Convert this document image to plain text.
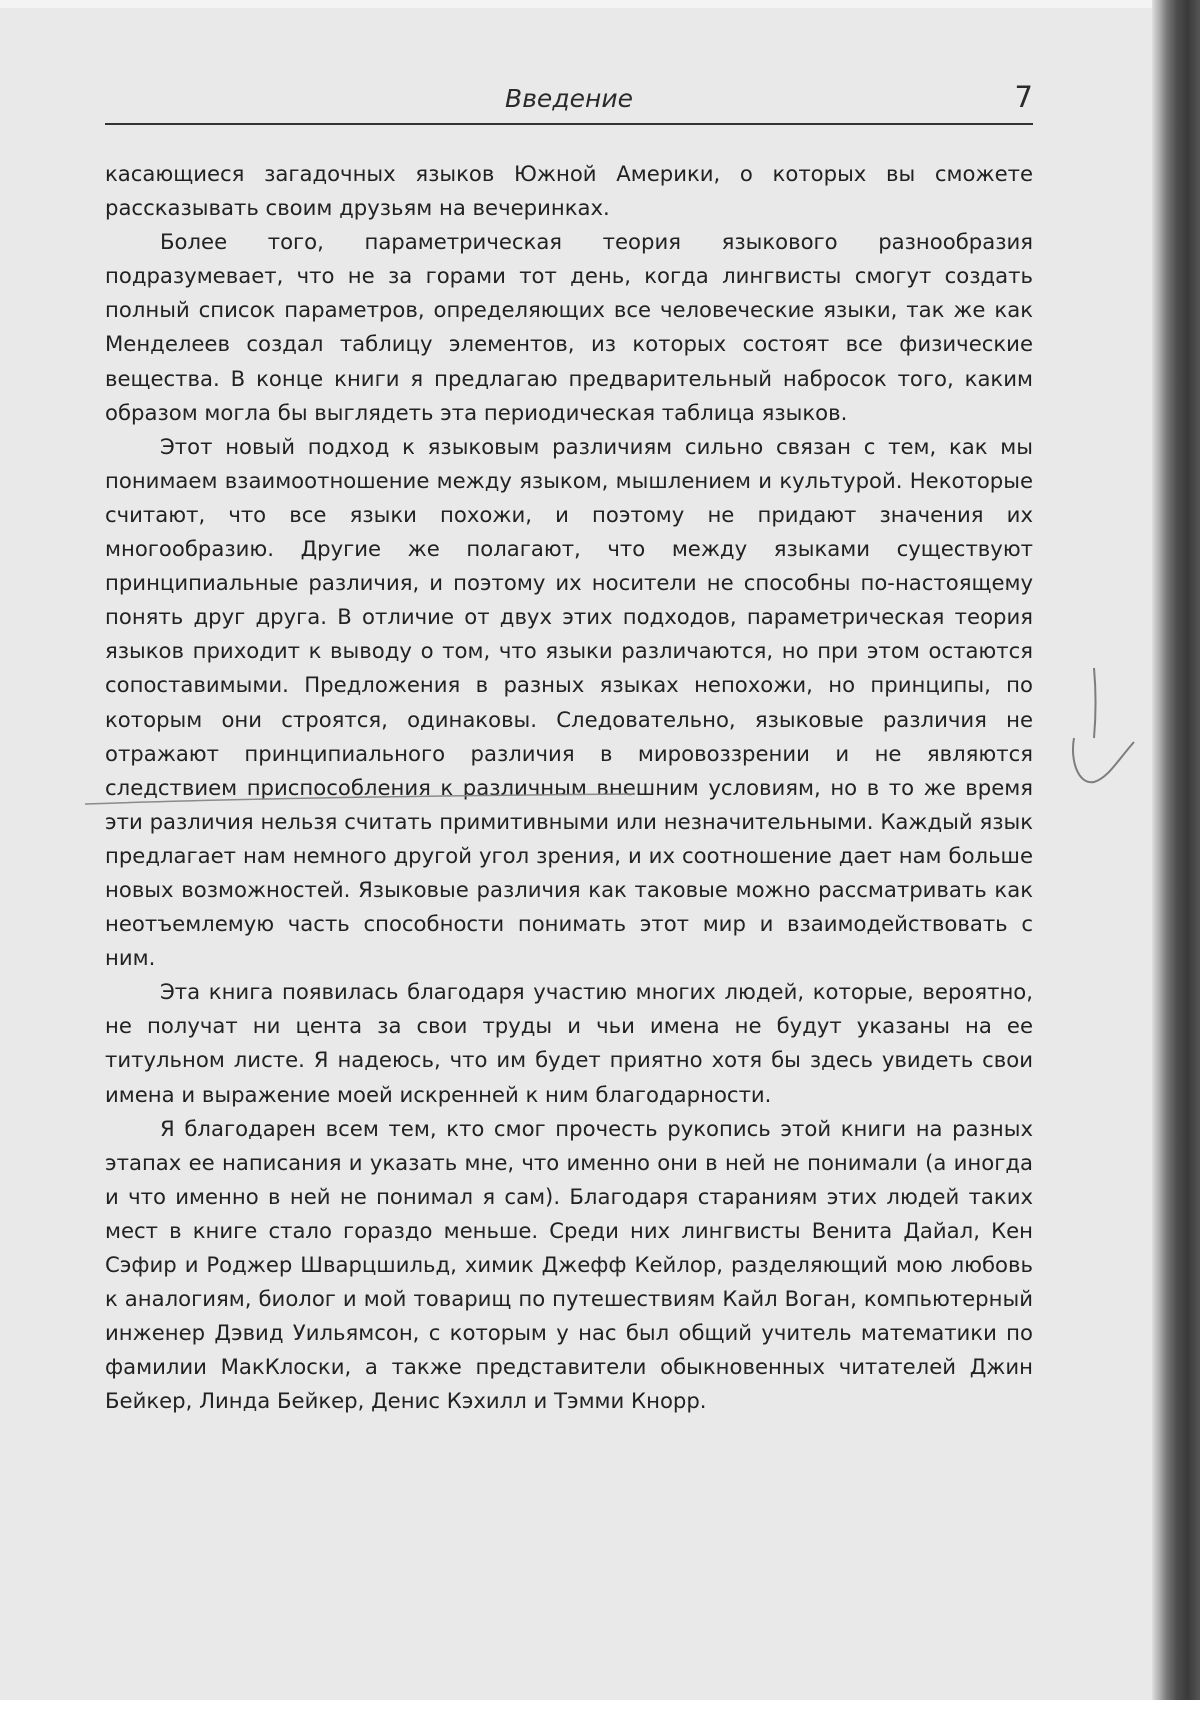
Введение	7

касающиеся загадочных языков Южной Америки, о которых вы сможете рассказывать своим друзьям на вечеринках.

Более того, параметрическая теория языкового разнообразия подразумевает, что не за горами тот день, когда лингвисты смогут создать полный список параметров, определяющих все человеческие языки, так же как Менделеев создал таблицу элементов, из которых состоят все физические вещества. В конце книги я предлагаю предварительный набросок того, каким образом могла бы выглядеть эта периодическая таблица языков.

Этот новый подход к языковым различиям сильно связан с тем, как мы понимаем взаимоотношение между языком, мышлением и культурой. Некоторые считают, что все языки похожи, и поэтому не придают значения их многообразию. Другие же полагают, что между языками существуют принципиальные различия, и поэтому их носители не способны по-настоящему понять друг друга. В отличие от двух этих подходов, параметрическая теория языков приходит к выводу о том, что языки различаются, но при этом остаются сопоставимыми. Предложения в разных языках непохожи, но принципы, по которым они строятся, одинаковы. Следовательно, языковые различия не отражают принципиального различия в мировоззрении и не являются следствием приспособления к различным внешним условиям, но в то же время эти различия нельзя считать примитивными или незначительными. Каждый язык предлагает нам немного другой угол зрения, и их соотношение дает нам больше новых возможностей. Языковые различия как таковые можно рассматривать как неотъемлемую часть способности понимать этот мир и взаимодействовать с ним.

Эта книга появилась благодаря участию многих людей, которые, вероятно, не получат ни цента за свои труды и чьи имена не будут указаны на ее титульном листе. Я надеюсь, что им будет приятно хотя бы здесь увидеть свои имена и выражение моей искренней к ним благодарности.

Я благодарен всем тем, кто смог прочесть рукопись этой книги на разных этапах ее написания и указать мне, что именно они в ней не понимали (а иногда и что именно в ней не понимал я сам). Благодаря стараниям этих людей таких мест в книге стало гораздо меньше. Среди них лингвисты Венита Дайал, Кен Сэфир и Роджер Шварцшильд, химик Джефф Кейлор, разделяющий мою любовь к аналогиям, биолог и мой товарищ по путешествиям Кайл Воган, компьютерный инженер Дэвид Уильямсон, с которым у нас был общий учитель математики по фамилии МакКлоски, а также представители обыкновенных читателей Джин Бейкер, Линда Бейкер, Денис Кэхилл и Тэмми Кнорр.
